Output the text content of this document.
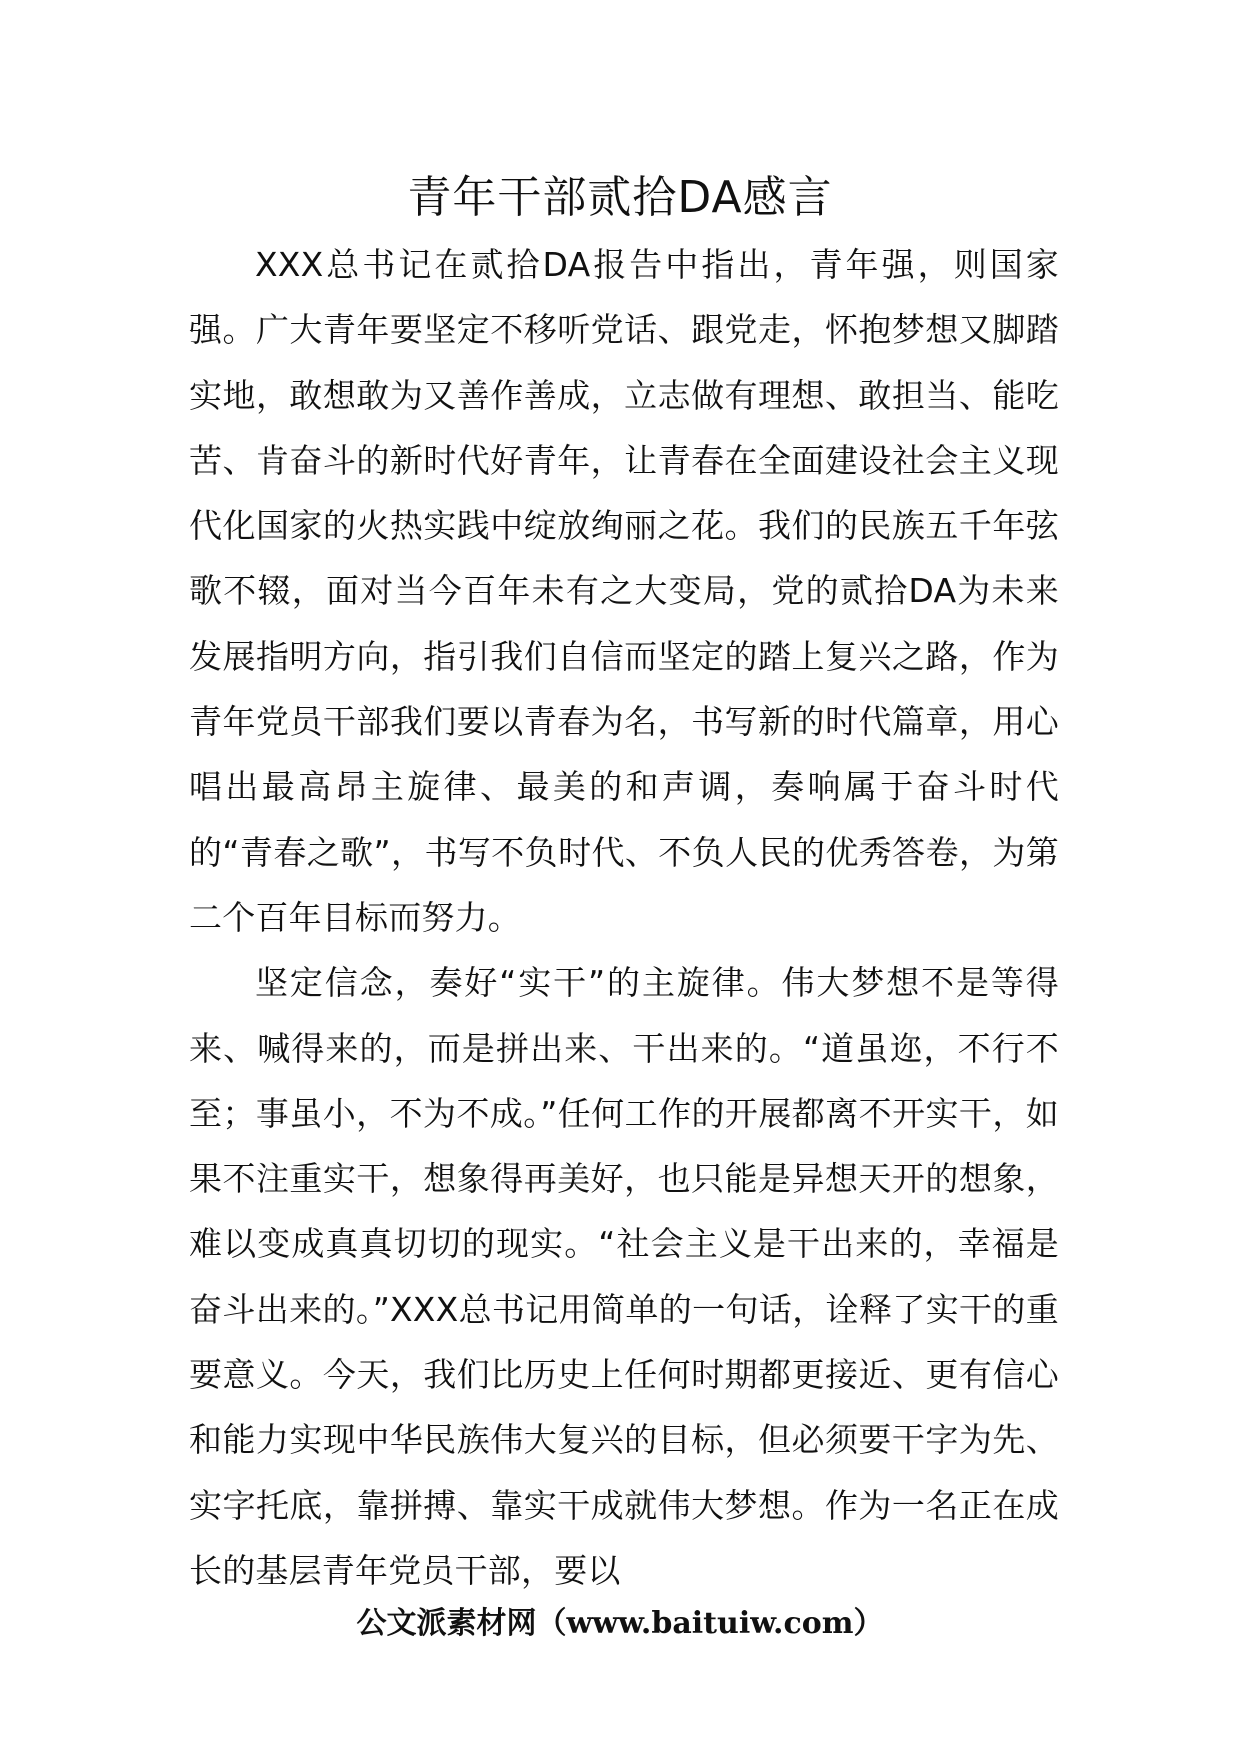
青年干部贰拾DA感言

XXX总书记在贰拾DA报告中指出，青年强，则国家强。广大青年要坚定不移听党话、跟党走，怀抱梦想又脚踏实地，敢想敢为又善作善成，立志做有理想、敢担当、能吃苦、肯奋斗的新时代好青年，让青春在全面建设社会主义现代化国家的火热实践中绽放绚丽之花。我们的民族五千年弦歌不辍，面对当今百年未有之大变局，党的贰拾DA为未来发展指明方向，指引我们自信而坚定的踏上复兴之路，作为青年党员干部我们要以青春为名，书写新的时代篇章，用心唱出最高昂主旋律、最美的和声调，奏响属于奋斗时代的“青春之歌”，书写不负时代、不负人民的优秀答卷，为第二个百年目标而努力。

坚定信念，奏好“实干”的主旋律。伟大梦想不是等得来、喊得来的，而是拼出来、干出来的。“道虽迩，不行不至；事虽小，不为不成。”任何工作的开展都离不开实干，如果不注重实干，想象得再美好，也只能是异想天开的想象，难以变成真真切切的现实。“社会主义是干出来的，幸福是奋斗出来的。”XXX总书记用简单的一句话，诠释了实干的重要意义。今天，我们比历史上任何时期都更接近、更有信心和能力实现中华民族伟大复兴的目标，但必须要干字为先、实字托底，靠拼搏、靠实干成就伟大梦想。作为一名正在成长的基层青年党员干部，要以

公文派素材网（www.baituiw.com）
